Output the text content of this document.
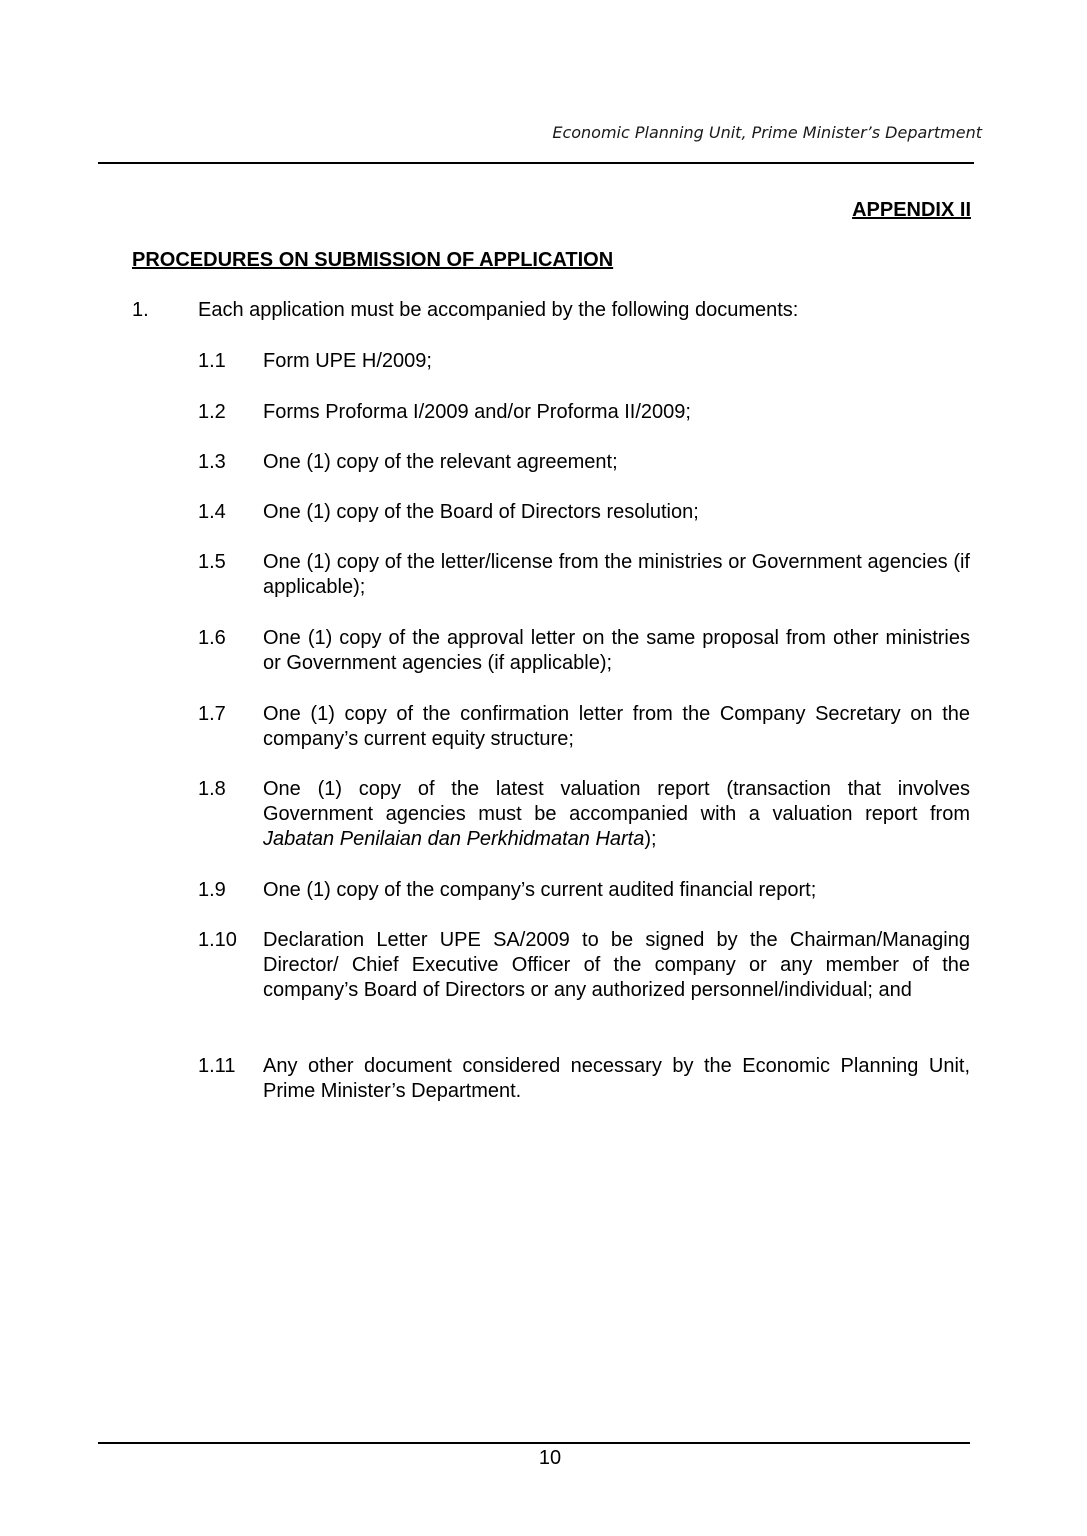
Economic Planning Unit, Prime Minister’s Department
APPENDIX II
PROCEDURES ON SUBMISSION OF APPLICATION
1. Each application must be accompanied by the following documents:
1.1 Form UPE H/2009;
1.2 Forms Proforma I/2009 and/or Proforma II/2009;
1.3 One (1) copy of the relevant agreement;
1.4 One (1) copy of the Board of Directors resolution;
1.5 One (1) copy of the letter/license from the ministries or Government agencies (if applicable);
1.6 One (1) copy of the approval letter on the same proposal from other ministries or Government agencies (if applicable);
1.7 One (1) copy of the confirmation letter from the Company Secretary on the company’s current equity structure;
1.8 One (1) copy of the latest valuation report (transaction that involves Government agencies must be accompanied with a valuation report from Jabatan Penilaian dan Perkhidmatan Harta);
1.9 One (1) copy of the company’s current audited financial report;
1.10 Declaration Letter UPE SA/2009 to be signed by the Chairman/Managing Director/ Chief Executive Officer of the company or any member of the company’s Board of Directors or any authorized personnel/individual; and
1.11 Any other document considered necessary by the Economic Planning Unit, Prime Minister’s Department.
10
